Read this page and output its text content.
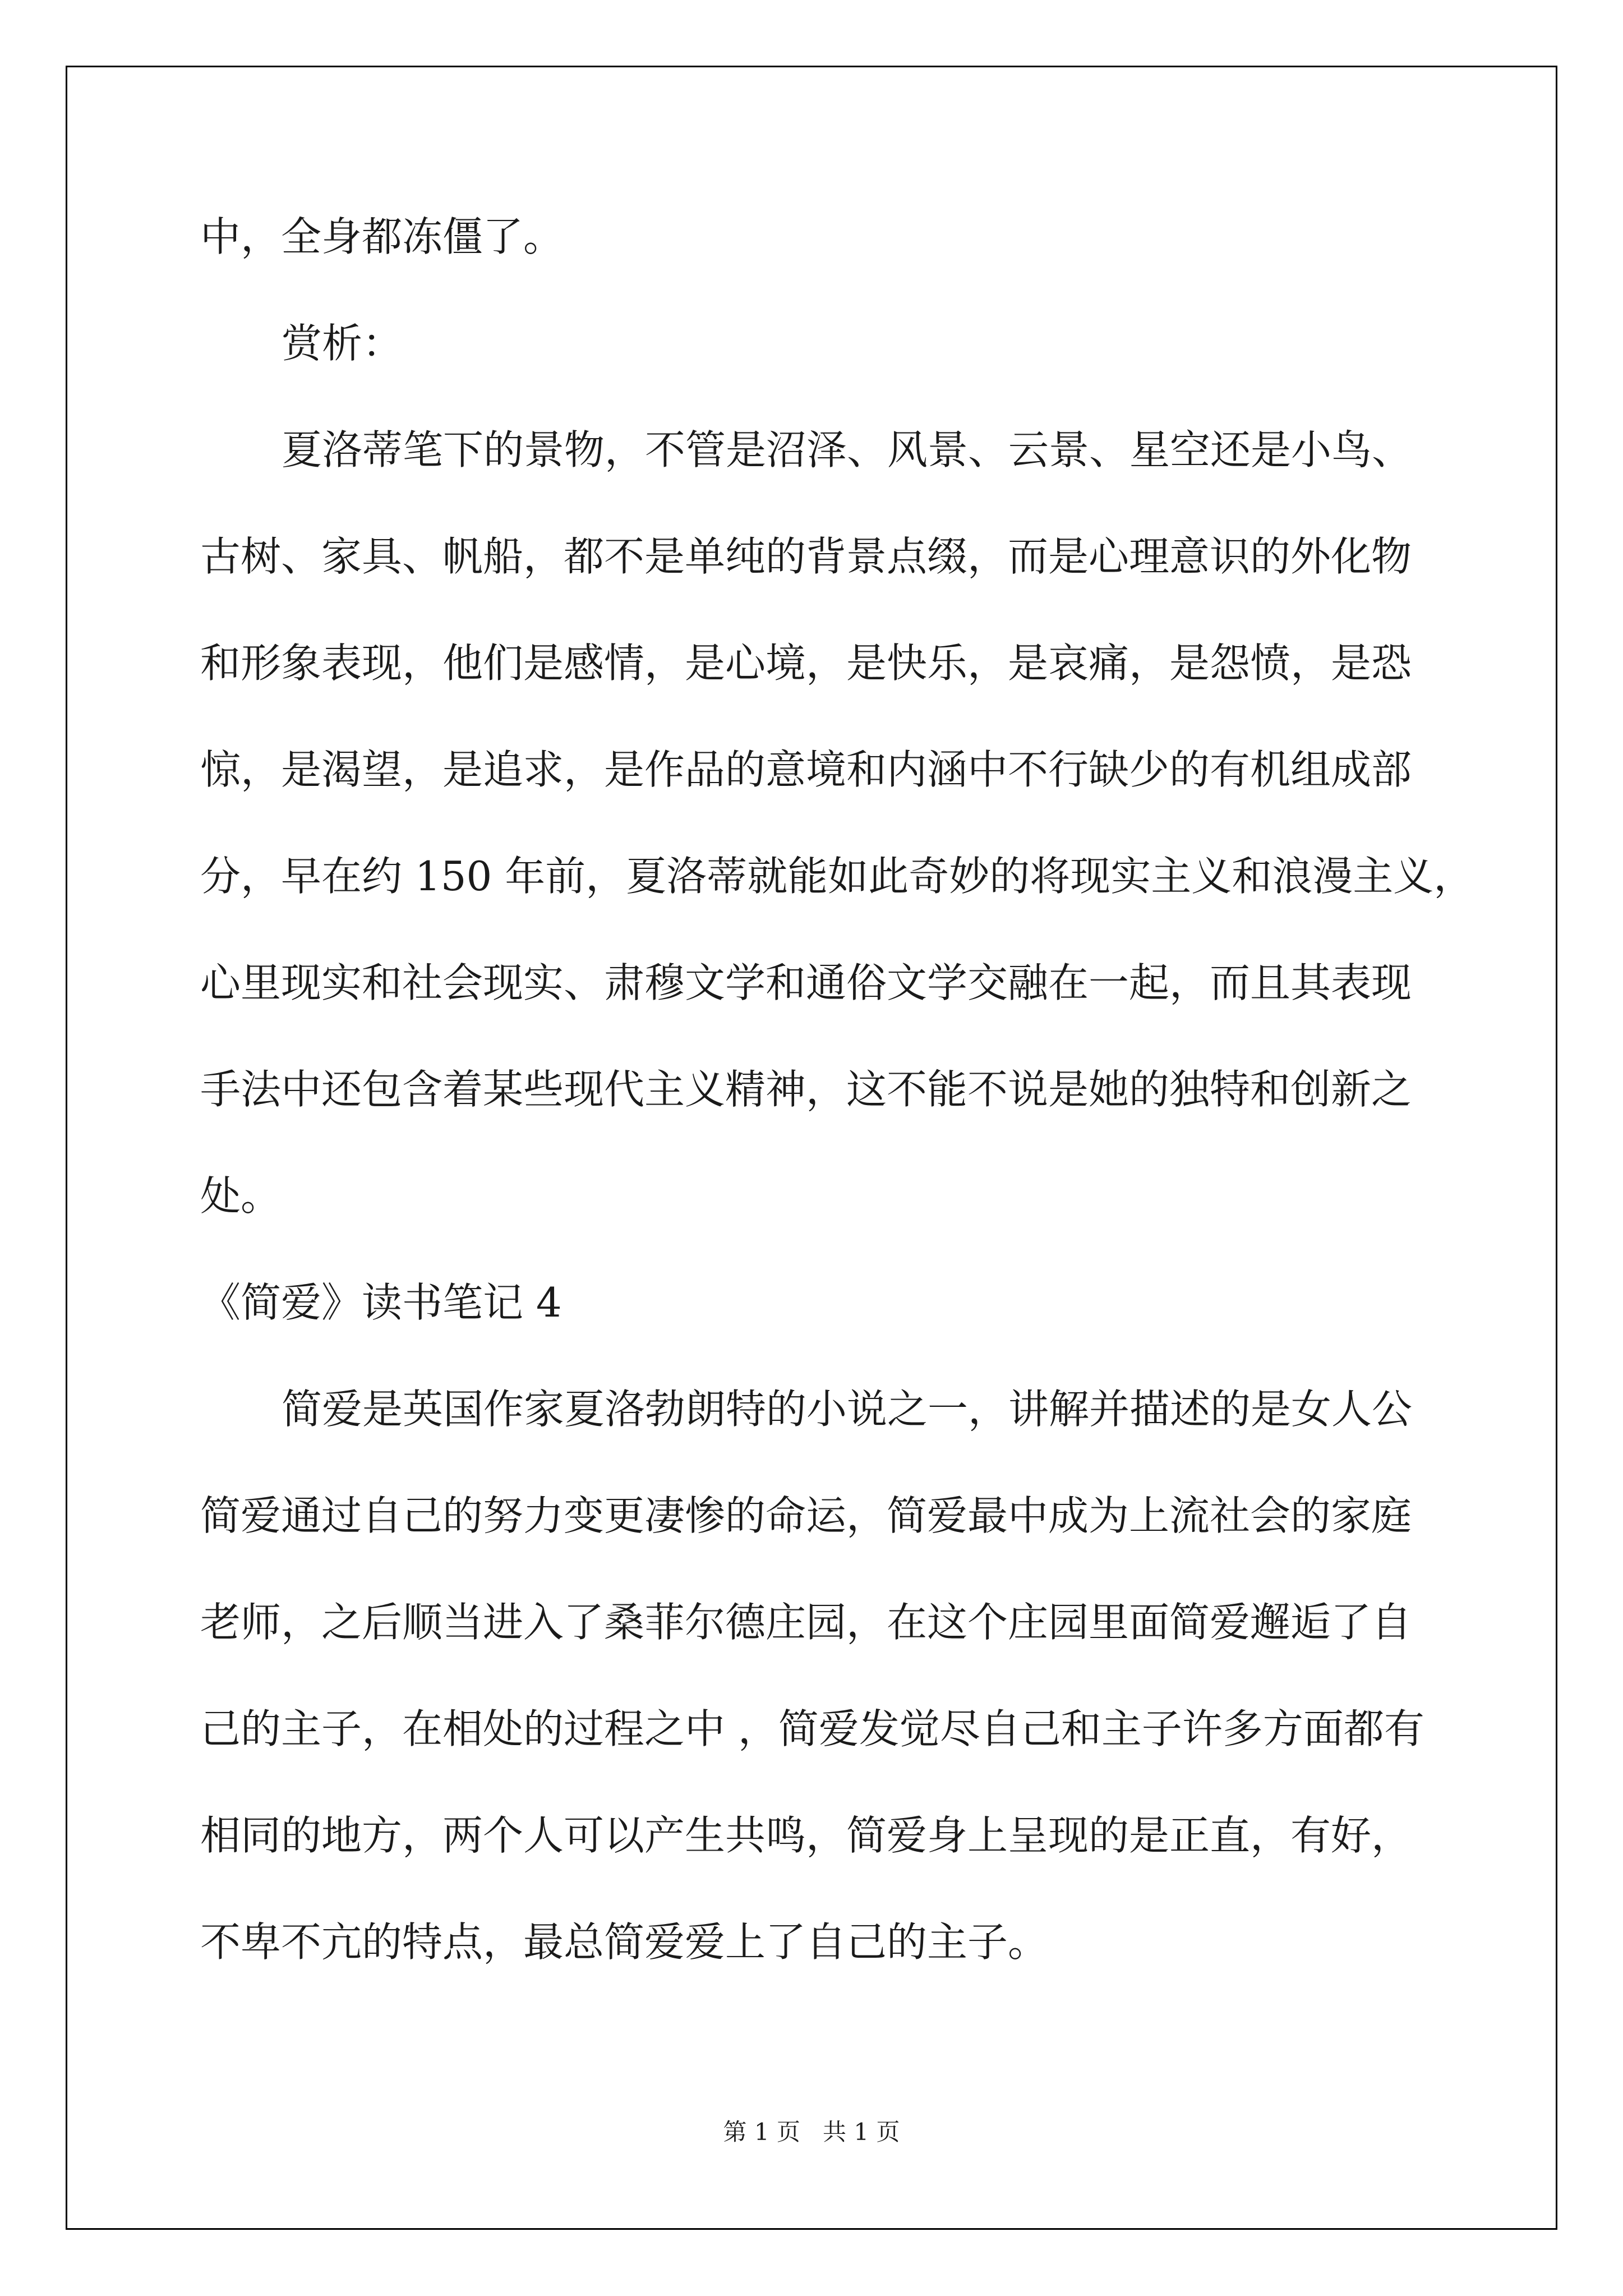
中，全身都冻僵了。
赏析：
夏洛蒂笔下的景物，不管是沼泽、风景、云景、星空还是小鸟、
古树、家具、帆船，都不是单纯的背景点缀，而是心理意识的外化物
和形象表现，他们是感情，是心境，是快乐，是哀痛，是怨愤，是恐
惊，是渴望，是追求，是作品的意境和内涵中不行缺少的有机组成部
分，早在约 150 年前，夏洛蒂就能如此奇妙的将现实主义和浪漫主义，
心里现实和社会现实、肃穆文学和通俗文学交融在一起，而且其表现
手法中还包含着某些现代主义精神，这不能不说是她的独特和创新之
处。
《简爱》读书笔记 4
简爱是英国作家夏洛勃朗特的小说之一，讲解并描述的是女人公
简爱通过自己的努力变更凄惨的命运，简爱最中成为上流社会的家庭
老师，之后顺当进入了桑菲尔德庄园，在这个庄园里面简爱邂逅了自
己的主子，在相处的过程之中 ，简爱发觉尽自己和主子许多方面都有
相同的地方，两个人可以产生共鸣，简爱身上呈现的是正直，有好，
不卑不亢的特点，最总简爱爱上了自己的主子。
第 1 页   共 1 页
